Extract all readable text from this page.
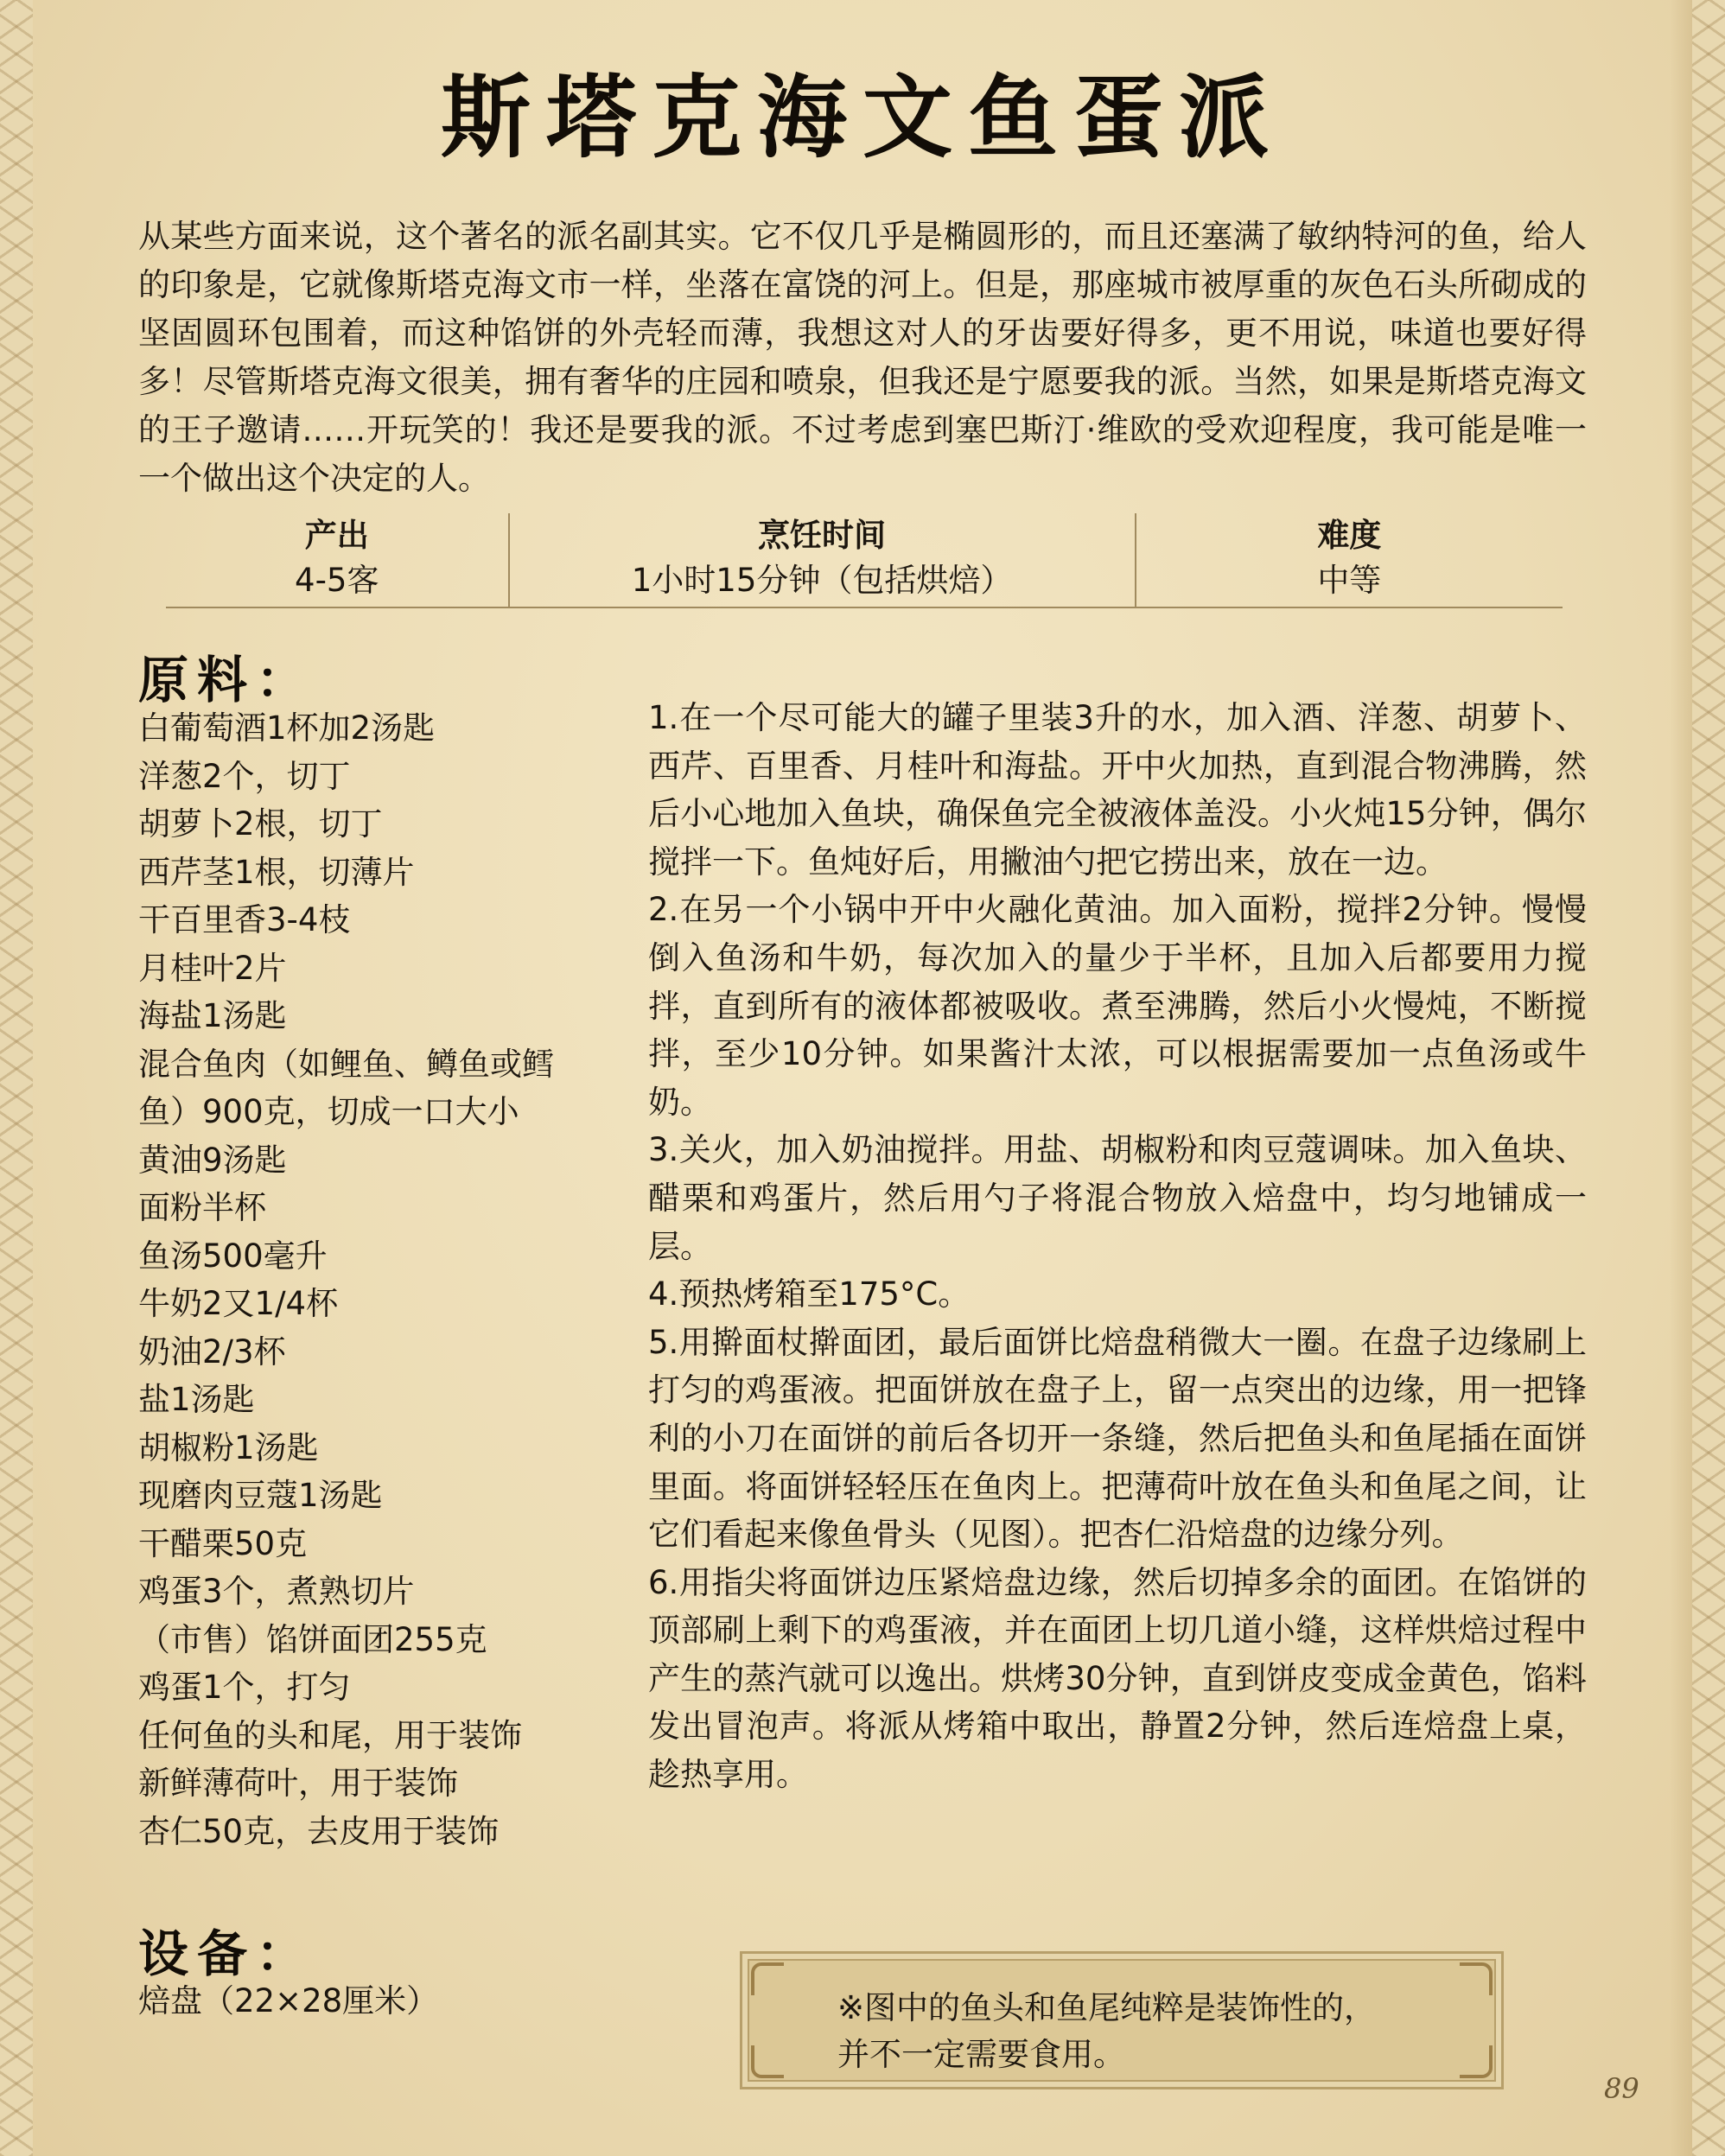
斯塔克海文鱼蛋派
从某些方面来说，这个著名的派名副其实。它不仅几乎是椭圆形的，而且还塞满了敏纳特河的鱼，给人的印象是，它就像斯塔克海文市一样，坐落在富饶的河上。但是，那座城市被厚重的灰色石头所砌成的坚固圆环包围着，而这种馅饼的外壳轻而薄，我想这对人的牙齿要好得多，更不用说，味道也要好得多！尽管斯塔克海文很美，拥有奢华的庄园和喷泉，但我还是宁愿要我的派。当然，如果是斯塔克海文的王子邀请……开玩笑的！我还是要我的派。不过考虑到塞巴斯汀·维欧的受欢迎程度，我可能是唯一一个做出这个决定的人。
产出
4-5客
烹饪时间
1小时15分钟（包括烘焙）
难度
中等
原料：
白葡萄酒1杯加2汤匙
洋葱2个，切丁
胡萝卜2根，切丁
西芹茎1根，切薄片
干百里香3-4枝
月桂叶2片
海盐1汤匙
混合鱼肉（如鲤鱼、鳟鱼或鳕
鱼）900克，切成一口大小
黄油9汤匙
面粉半杯
鱼汤500毫升
牛奶2又1/4杯
奶油2/3杯
盐1汤匙
胡椒粉1汤匙
现磨肉豆蔻1汤匙
干醋栗50克
鸡蛋3个，煮熟切片
（市售）馅饼面团255克
鸡蛋1个，打匀
任何鱼的头和尾，用于装饰
新鲜薄荷叶，用于装饰
杏仁50克，去皮用于装饰
1.在一个尽可能大的罐子里装3升的水，加入酒、洋葱、胡萝卜、西芹、百里香、月桂叶和海盐。开中火加热，直到混合物沸腾，然后小心地加入鱼块，确保鱼完全被液体盖没。小火炖15分钟，偶尔搅拌一下。鱼炖好后，用撇油勺把它捞出来，放在一边。
2.在另一个小锅中开中火融化黄油。加入面粉，搅拌2分钟。慢慢倒入鱼汤和牛奶，每次加入的量少于半杯，且加入后都要用力搅拌，直到所有的液体都被吸收。煮至沸腾，然后小火慢炖，不断搅拌，至少10分钟。如果酱汁太浓，可以根据需要加一点鱼汤或牛奶。
3.关火，加入奶油搅拌。用盐、胡椒粉和肉豆蔻调味。加入鱼块、醋栗和鸡蛋片，然后用勺子将混合物放入焙盘中，均匀地铺成一层。
4.预热烤箱至175°C。
5.用擀面杖擀面团，最后面饼比焙盘稍微大一圈。在盘子边缘刷上打匀的鸡蛋液。把面饼放在盘子上，留一点突出的边缘，用一把锋利的小刀在面饼的前后各切开一条缝，然后把鱼头和鱼尾插在面饼里面。将面饼轻轻压在鱼肉上。把薄荷叶放在鱼头和鱼尾之间，让它们看起来像鱼骨头（见图）。把杏仁沿焙盘的边缘分列。
6.用指尖将面饼边压紧焙盘边缘，然后切掉多余的面团。在馅饼的顶部刷上剩下的鸡蛋液，并在面团上切几道小缝，这样烘焙过程中产生的蒸汽就可以逸出。烘烤30分钟，直到饼皮变成金黄色，馅料发出冒泡声。将派从烤箱中取出，静置2分钟，然后连焙盘上桌，趁热享用。
设备：
焙盘（22×28厘米）	※图中的鱼头和鱼尾纯粹是装饰性的，
并不一定需要食用。
89
